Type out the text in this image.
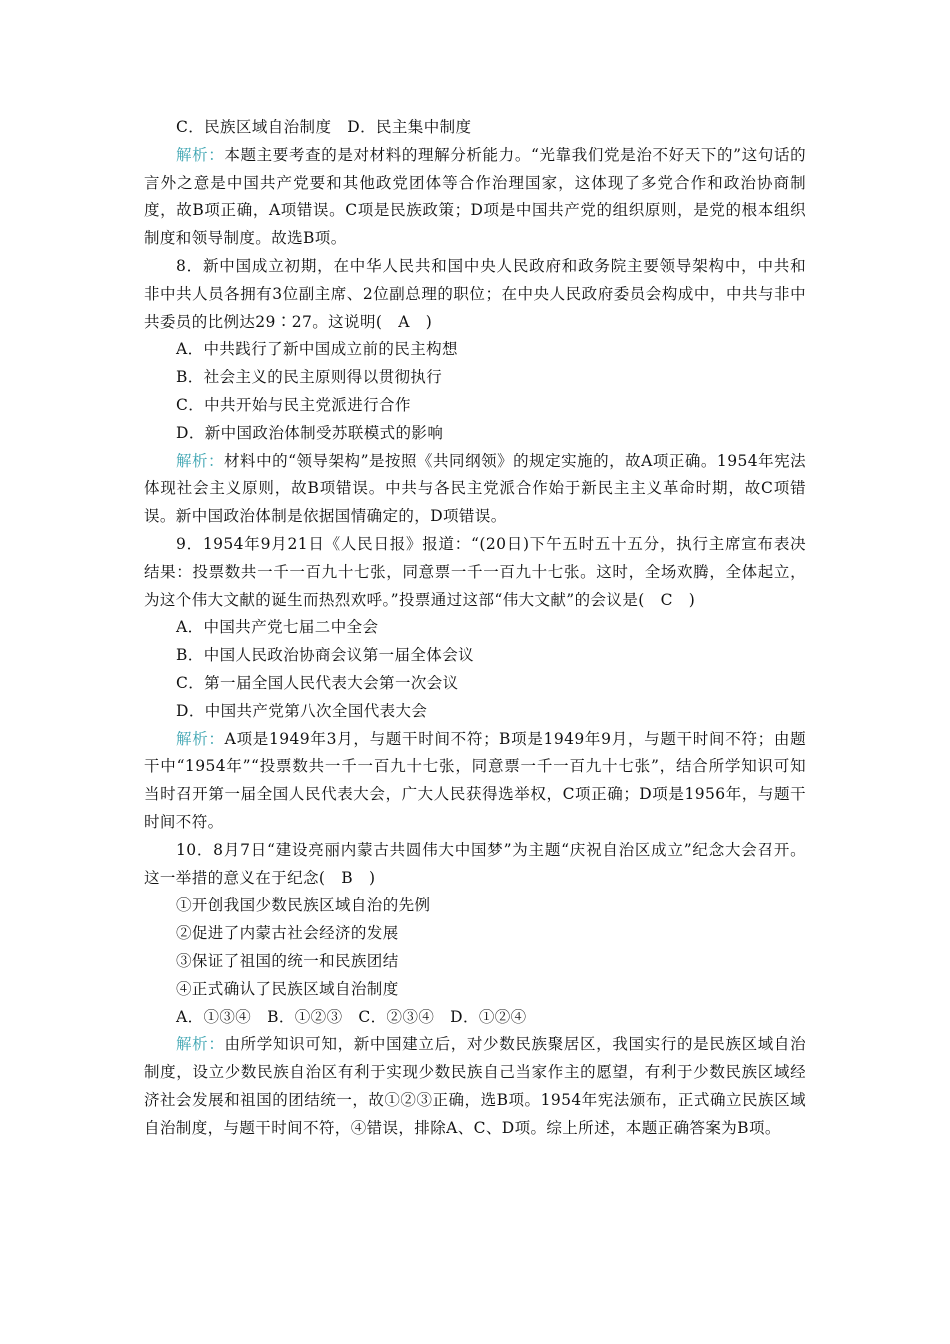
C．民族区域自治制度　D．民主集中制度

解析：本题主要考查的是对材料的理解分析能力。“光靠我们党是治不好天下的”这句话的言外之意是中国共产党要和其他政党团体等合作治理国家，这体现了多党合作和政治协商制度，故B项正确，A项错误。C项是民族政策；D项是中国共产党的组织原则，是党的根本组织制度和领导制度。故选B项。

8．新中国成立初期，在中华人民共和国中央人民政府和政务院主要领导架构中，中共和非中共人员各拥有3位副主席、2位副总理的职位；在中央人民政府委员会构成中，中共与非中共委员的比例达29∶27。这说明(　A　)

A．中共践行了新中国成立前的民主构想

B．社会主义的民主原则得以贯彻执行

C．中共开始与民主党派进行合作

D．新中国政治体制受苏联模式的影响

解析：材料中的“领导架构”是按照《共同纲领》的规定实施的，故A项正确。1954年宪法体现社会主义原则，故B项错误。中共与各民主党派合作始于新民主主义革命时期，故C项错误。新中国政治体制是依据国情确定的，D项错误。

9．1954年9月21日《人民日报》报道：“(20日)下午五时五十五分，执行主席宣布表决结果：投票数共一千一百九十七张，同意票一千一百九十七张。这时，全场欢腾，全体起立，为这个伟大文献的诞生而热烈欢呼。”投票通过这部“伟大文献”的会议是(　C　)

A．中国共产党七届二中全会

B．中国人民政治协商会议第一届全体会议

C．第一届全国人民代表大会第一次会议

D．中国共产党第八次全国代表大会

解析：A项是1949年3月，与题干时间不符；B项是1949年9月，与题干时间不符；由题干中“1954年”“投票数共一千一百九十七张，同意票一千一百九十七张”，结合所学知识可知当时召开第一届全国人民代表大会，广大人民获得选举权，C项正确；D项是1956年，与题干时间不符。

10．8月7日“建设亮丽内蒙古共圆伟大中国梦”为主题“庆祝自治区成立”纪念大会召开。这一举措的意义在于纪念(　B　)

①开创我国少数民族区域自治的先例

②促进了内蒙古社会经济的发展

③保证了祖国的统一和民族团结

④正式确认了民族区域自治制度

A．①③④　B．①②③　C．②③④　D．①②④

解析：由所学知识可知，新中国建立后，对少数民族聚居区，我国实行的是民族区域自治制度，设立少数民族自治区有利于实现少数民族自己当家作主的愿望，有利于少数民族区域经济社会发展和祖国的团结统一，故①②③正确，选B项。1954年宪法颁布，正式确立民族区域自治制度，与题干时间不符，④错误，排除A、C、D项。综上所述，本题正确答案为B项。
